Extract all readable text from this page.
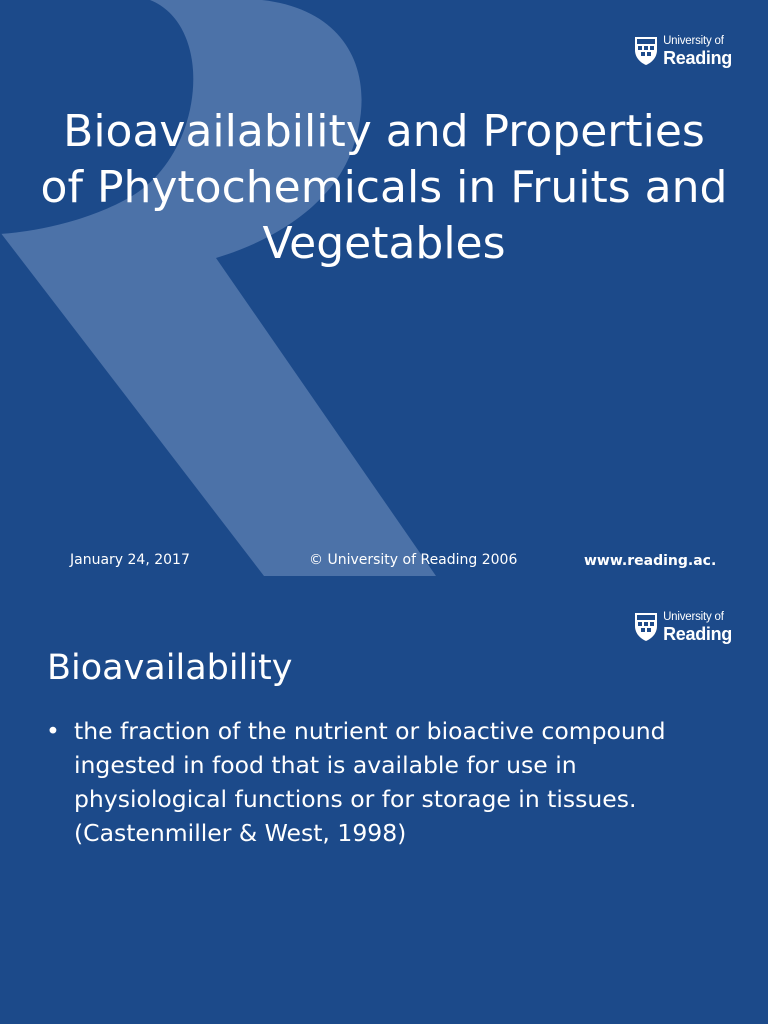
University of
Reading
Bioavailability and Properties of Phytochemicals in Fruits and Vegetables
January 24, 2017	© University of Reading 2006	www.reading.ac.
University of
Reading
Bioavailability
• the fraction of the nutrient or bioactive compound ingested in food that is available for use in physiological functions or for storage in tissues. (Castenmiller & West, 1998)
